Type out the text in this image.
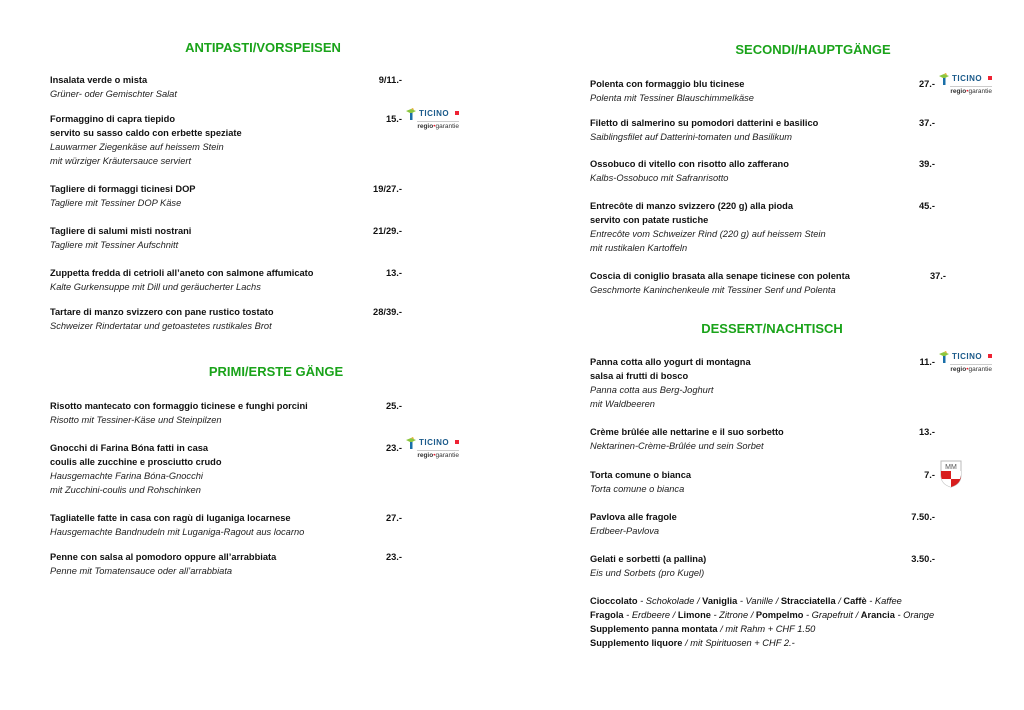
ANTIPASTI/VORSPEISEN
Insalata verde o mista
Grüner- oder Gemischter Salat
9/11.-
Formaggino di capra tiepido
servito su sasso caldo con erbette speziate
Lauwarmer Ziegenkäse auf heissem Stein
mit würziger Kräutersauce serviert
15.-
TICINO
regio•garantie
Tagliere di formaggi ticinesi DOP
Tagliere mit Tessiner DOP Käse
19/27.-
Tagliere di salumi misti nostrani
Tagliere mit Tessiner Aufschnitt
21/29.-
Zuppetta fredda di cetrioli all’aneto con salmone affumicato
Kalte Gurkensuppe mit Dill und geräucherter Lachs
13.-
Tartare di manzo svizzero con pane rustico tostato
Schweizer Rindertatar und getoastetes rustikales Brot
28/39.-
PRIMI/ERSTE GÄNGE
Risotto mantecato con formaggio ticinese e funghi porcini
Risotto mit Tessiner-Käse und Steinpilzen
25.-
Gnocchi di Farina Bóna fatti in casa
coulis alle zucchine e prosciutto crudo
Hausgemachte Farina Bóna-Gnocchi
mit Zucchini-coulis und Rohschinken
23.-
TICINO
regio•garantie
Tagliatelle fatte in casa con ragù di luganiga locarnese
Hausgemachte Bandnudeln mit Luganiga-Ragout aus locarno
27.-
Penne con salsa al pomodoro oppure all’arrabbiata
Penne mit Tomatensauce oder all’arrabbiata
23.-
SECONDI/HAUPTGÄNGE
Polenta con formaggio blu ticinese
Polenta mit Tessiner Blauschimmelkäse
27.-
TICINO
regio•garantie
Filetto di salmerino su pomodori datterini e basilico
Saiblingsfilet auf Datterini-tomaten und Basilikum
37.-
Ossobuco di vitello con risotto allo zafferano
Kalbs-Ossobuco mit Safranrisotto
39.-
Entrecôte di manzo svizzero (220 g) alla pioda
servito con patate rustiche
Entrecôte vom Schweizer Rind (220 g) auf heissem Stein
mit rustikalen Kartoffeln
45.-
Coscia di coniglio brasata alla senape ticinese con polenta
Geschmorte Kaninchenkeule mit Tessiner Senf und Polenta
37.-
DESSERT/NACHTISCH
Panna cotta allo yogurt di montagna
salsa ai frutti di bosco
Panna cotta aus Berg-Joghurt
mit Waldbeeren
11.-
TICINO
regio•garantie
Crème brûlée alle nettarine e il suo sorbetto
Nektarinen-Crème-Brûlée und sein Sorbet
13.-
Torta comune o bianca
Torta comune o bianca
7.-
MM
Pavlova alle fragole
Erdbeer-Pavlova
7.50.-
Gelati e sorbetti (a pallina)
Eis und Sorbets (pro Kugel)
3.50.-
Cioccolato - Schokolade / Vaniglia - Vanille / Stracciatella / Caffè - Kaffee
Fragola - Erdbeere / Limone - Zitrone / Pompelmo - Grapefruit / Arancia - Orange
Supplemento panna montata / mit Rahm + CHF 1.50
Supplemento liquore / mit Spirituosen + CHF 2.-
